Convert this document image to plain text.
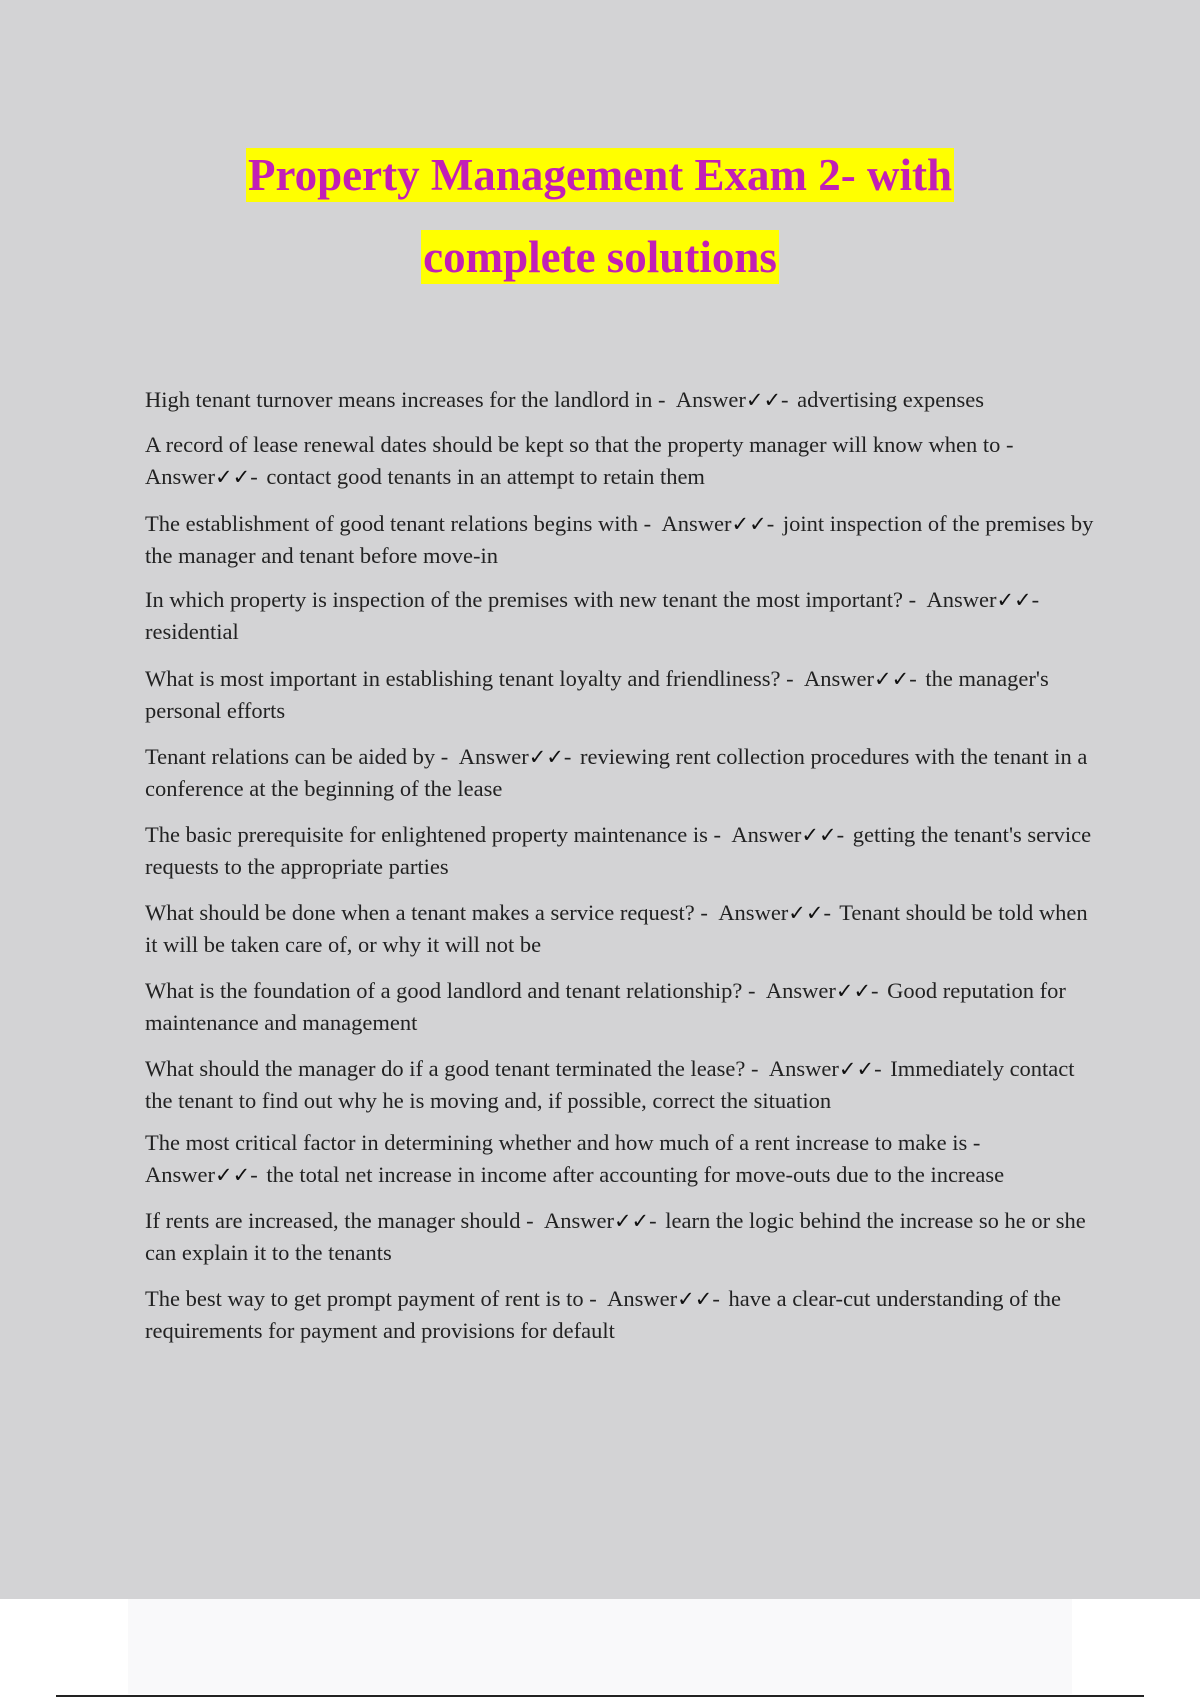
Property Management Exam 2- with
complete solutions
High tenant turnover means increases for the landlord in - Answer✓✓- advertising expenses
A record of lease renewal dates should be kept so that the property manager will know when to - Answer✓✓- contact good tenants in an attempt to retain them
The establishment of good tenant relations begins with - Answer✓✓- joint inspection of the premises by the manager and tenant before move-in
In which property is inspection of the premises with new tenant the most important? - Answer✓✓- residential
What is most important in establishing tenant loyalty and friendliness? - Answer✓✓- the manager's personal efforts
Tenant relations can be aided by - Answer✓✓- reviewing rent collection procedures with the tenant in a conference at the beginning of the lease
The basic prerequisite for enlightened property maintenance is - Answer✓✓- getting the tenant's service requests to the appropriate parties
What should be done when a tenant makes a service request? - Answer✓✓- Tenant should be told when it will be taken care of, or why it will not be
What is the foundation of a good landlord and tenant relationship? - Answer✓✓- Good reputation for maintenance and management
What should the manager do if a good tenant terminated the lease? - Answer✓✓- Immediately contact the tenant to find out why he is moving and, if possible, correct the situation
The most critical factor in determining whether and how much of a rent increase to make is - Answer✓✓- the total net increase in income after accounting for move-outs due to the increase
If rents are increased, the manager should - Answer✓✓- learn the logic behind the increase so he or she can explain it to the tenants
The best way to get prompt payment of rent is to - Answer✓✓- have a clear-cut understanding of the requirements for payment and provisions for default
